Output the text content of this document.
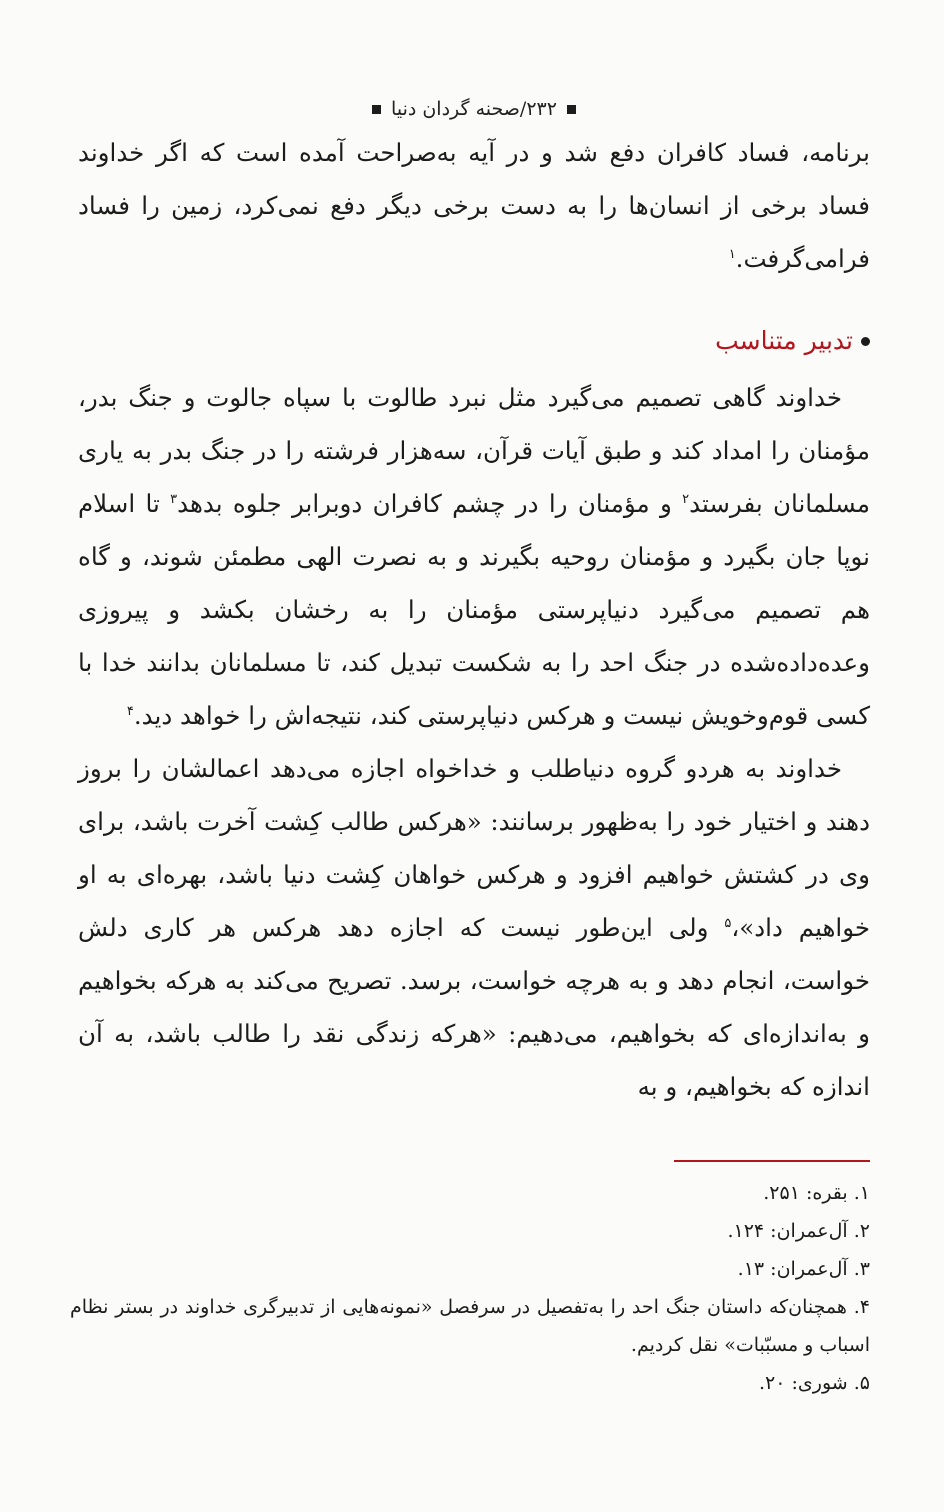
۲۳۲/صحنه گردان دنیا

برنامه، فساد کافران دفع شد و در آیه به‌صراحت آمده است که اگر خداوند فساد برخی از انسان‌ها را به دست برخی دیگر دفع نمی‌کرد، زمین را فساد فرامی‌گرفت.$^۱$

تدبیر متناسب

خداوند گاهی تصمیم می‌گیرد مثل نبرد طالوت با سپاه جالوت و جنگ بدر، مؤمنان را امداد کند و طبق آیات قرآن، سه‌هزار فرشته را در جنگ بدر به یاری مسلمانان بفرستد$^۲$ و مؤمنان را در چشم کافران دوبرابر جلوه بدهد$^۳$ تا اسلام نوپا جان بگیرد و مؤمنان روحیه بگیرند و به نصرت الهی مطمئن شوند، و گاه هم تصمیم می‌گیرد دنیاپرستی مؤمنان را به رخشان بکشد و پیروزی وعده‌داده‌شده در جنگ احد را به شکست تبدیل کند، تا مسلمانان بدانند خدا با کسی قوم‌وخویش نیست و هرکس دنیاپرستی کند، نتیجه‌اش را خواهد دید.$^۴$

خداوند به هردو گروه دنیاطلب و خداخواه اجازه می‌دهد اعمالشان را بروز دهند و اختیار خود را به‌ظهور برسانند: «هرکس طالب کِشت آخرت باشد، برای وی در کشتش خواهیم افزود و هرکس خواهان کِشت دنیا باشد، بهره‌ای به او خواهیم داد»،$^۵$ ولی این‌طور نیست که اجازه دهد هرکس هر کاری دلش خواست، انجام دهد و به هرچه خواست، برسد. تصریح می‌کند به هرکه بخواهیم و به‌اندازه‌ای که بخواهیم، می‌دهیم: «هرکه زندگی نقد را طالب باشد، به آن اندازه که بخواهیم، و به

۱. بقره: ۲۵۱.

۲. آل‌عمران: ۱۲۴.

۳. آل‌عمران: ۱۳.

۴. همچنان‌که داستان جنگ احد را به‌تفصیل در سرفصل «نمونه‌هایی از تدبیرگری خداوند در بستر نظام اسباب و مسبّبات» نقل کردیم.

۵. شوری: ۲۰.
